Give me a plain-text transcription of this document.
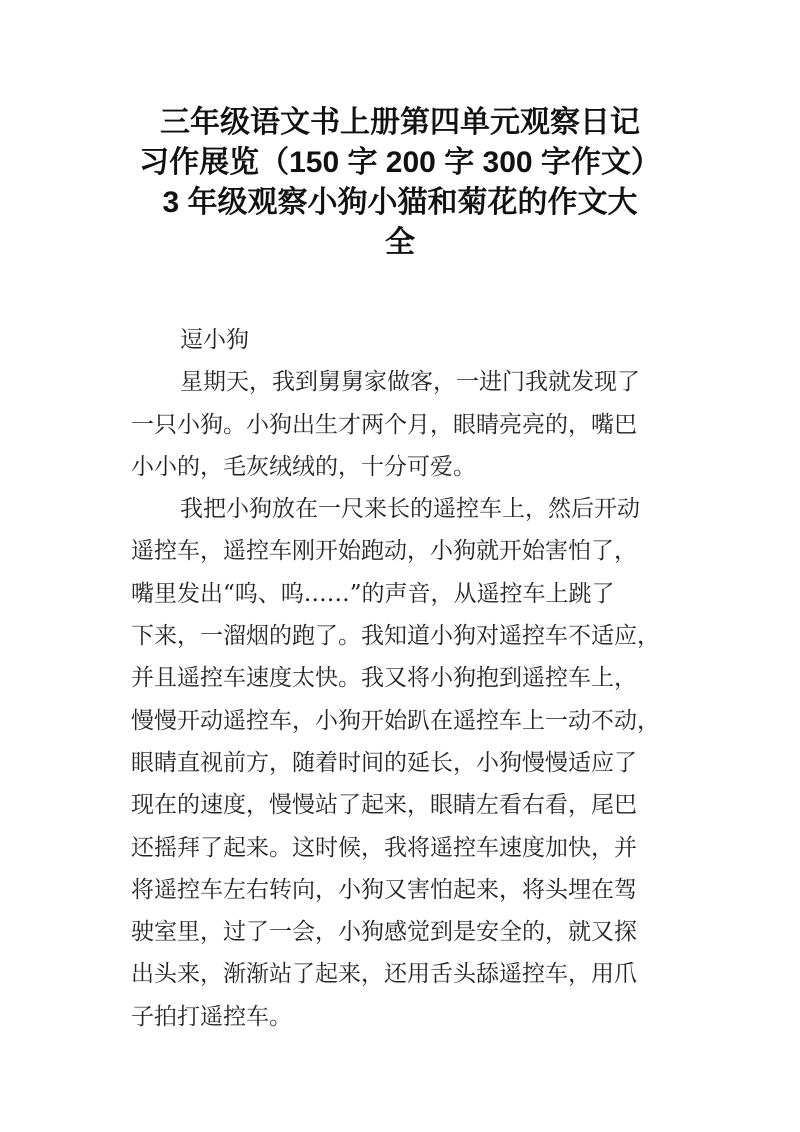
三年级语文书上册第四单元观察日记
习作展览（150 字 200 字 300 字作文）
3 年级观察小狗小猫和菊花的作文大
全
逗小狗
星期天，我到舅舅家做客，一进门我就发现了
一只小狗。小狗出生才两个月，眼睛亮亮的，嘴巴
小小的，毛灰绒绒的，十分可爱。
我把小狗放在一尺来长的遥控车上，然后开动
遥控车，遥控车刚开始跑动，小狗就开始害怕了，
嘴里发出“呜、呜……”的声音，从遥控车上跳了
下来，一溜烟的跑了。我知道小狗对遥控车不适应，
并且遥控车速度太快。我又将小狗抱到遥控车上，
慢慢开动遥控车，小狗开始趴在遥控车上一动不动，
眼睛直视前方，随着时间的延长，小狗慢慢适应了
现在的速度，慢慢站了起来，眼睛左看右看，尾巴
还摇拜了起来。这时候，我将遥控车速度加快，并
将遥控车左右转向，小狗又害怕起来，将头埋在驾
驶室里，过了一会，小狗感觉到是安全的，就又探
出头来，渐渐站了起来，还用舌头舔遥控车，用爪
子拍打遥控车。
